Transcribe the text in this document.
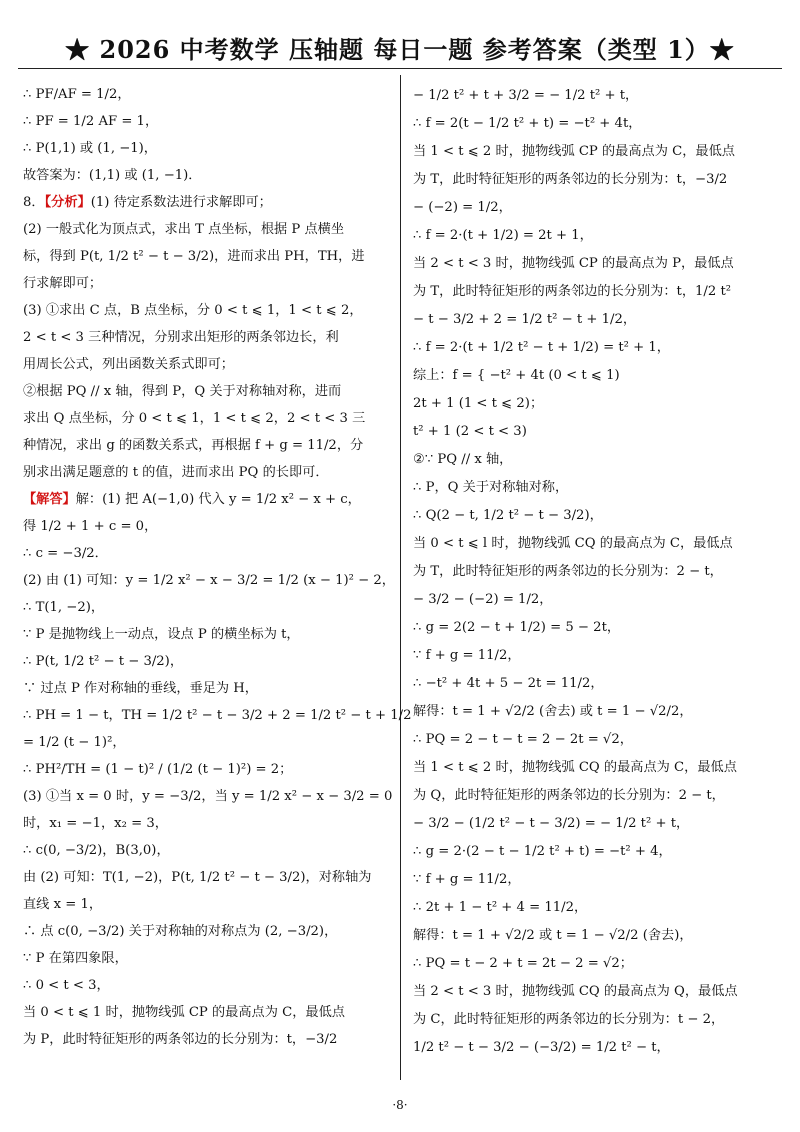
★ 2026 中考数学 压轴题 每日一题 参考答案（类型 1）★
∴ PF/AF = 1/2，
∴ PF = 1/2 AF = 1，
∴ P(1,1) 或 (1, −1)，
故答案为：(1,1) 或 (1, −1)．
8．【分析】(1) 待定系数法进行求解即可；
(2) 一般式化为顶点式，求出 T 点坐标，根据 P 点横坐
标，得到 P(t, 1/2 t² − t − 3/2)，进而求出 PH，TH，进
行求解即可；
(3) ①求出 C 点，B 点坐标，分 0 < t ⩽ 1，1 < t ⩽ 2，
2 < t < 3 三种情况，分别求出矩形的两条邻边长，利
用周长公式，列出函数关系式即可；
②根据 PQ // x 轴，得到 P，Q 关于对称轴对称，进而
求出 Q 点坐标，分 0 < t ⩽ 1，1 < t ⩽ 2，2 < t < 3 三
种情况，求出 g 的函数关系式，再根据 f + g = 11/2，分
别求出满足题意的 t 的值，进而求出 PQ 的长即可．
【解答】解：(1) 把 A(−1,0) 代入 y = 1/2 x² − x + c，
得 1/2 + 1 + c = 0，
∴ c = −3/2．
(2) 由 (1) 可知：y = 1/2 x² − x − 3/2 = 1/2 (x − 1)² − 2，
∴ T(1, −2)，
∵ P 是抛物线上一动点，设点 P 的横坐标为 t，
∴ P(t, 1/2 t² − t − 3/2)，
∵ 过点 P 作对称轴的垂线，垂足为 H，
∴ PH = 1 − t，TH = 1/2 t² − t − 3/2 + 2 = 1/2 t² − t + 1/2
= 1/2 (t − 1)²，
∴ PH²/TH = (1 − t)² / (1/2 (t − 1)²) = 2；
(3) ①当 x = 0 时，y = −3/2，当 y = 1/2 x² − x − 3/2 = 0
时，x₁ = −1，x₂ = 3，
∴ c(0, −3/2)，B(3,0)，
由 (2) 可知：T(1, −2)，P(t, 1/2 t² − t − 3/2)，对称轴为
直线 x = 1，
∴ 点 c(0, −3/2) 关于对称轴的对称点为 (2, −3/2)，
∵ P 在第四象限，
∴ 0 < t < 3，
当 0 < t ⩽ 1 时，抛物线弧 CP 的最高点为 C，最低点
为 P，此时特征矩形的两条邻边的长分别为：t，−3/2
− 1/2 t² + t + 3/2 = − 1/2 t² + t，
∴ f = 2(t − 1/2 t² + t) = −t² + 4t，
当 1 < t ⩽ 2 时，抛物线弧 CP 的最高点为 C，最低点
为 T，此时特征矩形的两条邻边的长分别为：t，−3/2
− (−2) = 1/2，
∴ f = 2·(t + 1/2) = 2t + 1，
当 2 < t < 3 时，抛物线弧 CP 的最高点为 P，最低点
为 T，此时特征矩形的两条邻边的长分别为：t，1/2 t²
− t − 3/2 + 2 = 1/2 t² − t + 1/2，
∴ f = 2·(t + 1/2 t² − t + 1/2) = t² + 1，
综上：f = { −t² + 4t (0 < t ⩽ 1)
2t + 1 (1 < t ⩽ 2)；
t² + 1 (2 < t < 3)
②∵ PQ // x 轴，
∴ P，Q 关于对称轴对称，
∴ Q(2 − t, 1/2 t² − t − 3/2)，
当 0 < t ⩽ l 时，抛物线弧 CQ 的最高点为 C，最低点
为 T，此时特征矩形的两条邻边的长分别为：2 − t，
− 3/2 − (−2) = 1/2，
∴ g = 2(2 − t + 1/2) = 5 − 2t，
∵ f + g = 11/2，
∴ −t² + 4t + 5 − 2t = 11/2，
解得：t = 1 + √2/2 (舍去) 或 t = 1 − √2/2，
∴ PQ = 2 − t − t = 2 − 2t = √2，
当 1 < t ⩽ 2 时，抛物线弧 CQ 的最高点为 C，最低点
为 Q，此时特征矩形的两条邻边的长分别为：2 − t，
− 3/2 − (1/2 t² − t − 3/2) = − 1/2 t² + t，
∴ g = 2·(2 − t − 1/2 t² + t) = −t² + 4，
∵ f + g = 11/2，
∴ 2t + 1 − t² + 4 = 11/2，
解得：t = 1 + √2/2 或 t = 1 − √2/2 (舍去)，
∴ PQ = t − 2 + t = 2t − 2 = √2；
当 2 < t < 3 时，抛物线弧 CQ 的最高点为 Q，最低点
为 C，此时特征矩形的两条邻边的长分别为：t − 2，
1/2 t² − t − 3/2 − (−3/2) = 1/2 t² − t，
·8·
